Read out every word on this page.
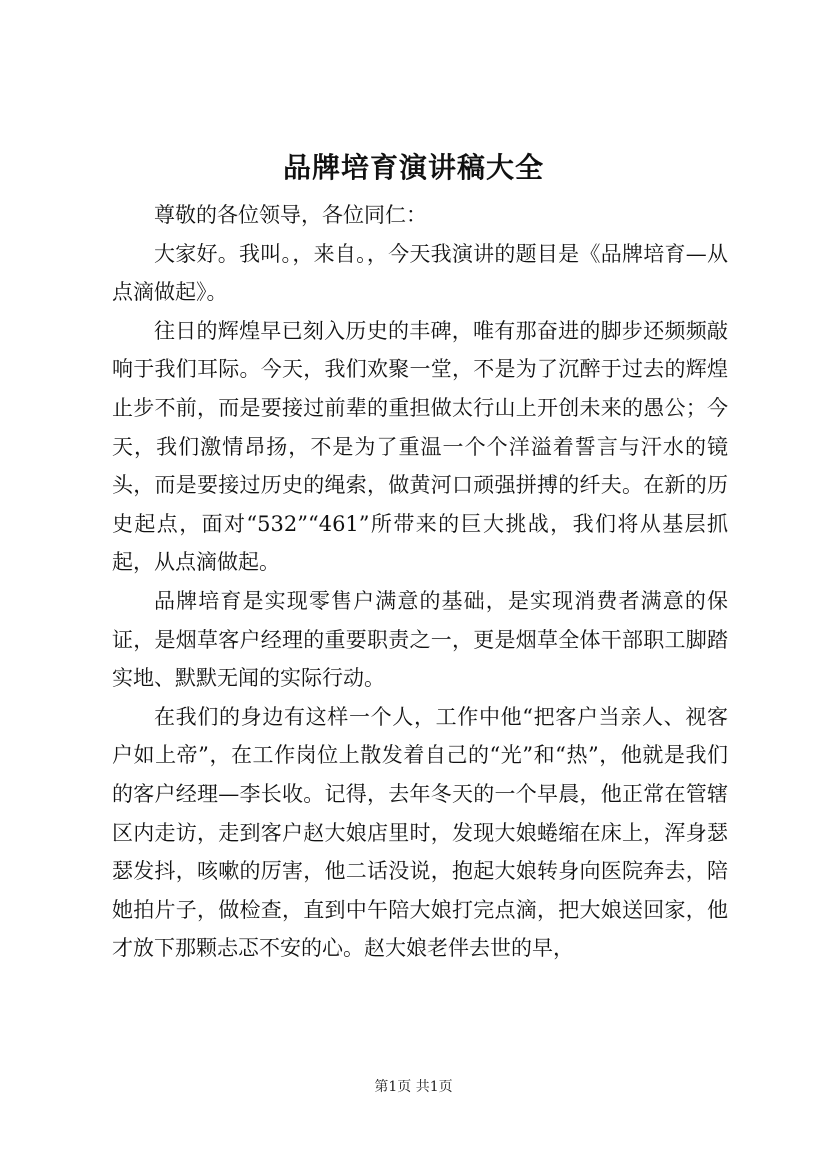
品牌培育演讲稿大全

尊敬的各位领导，各位同仁：

大家好。我叫。，来自。，今天我演讲的题目是《品牌培育—从点滴做起》。

往日的辉煌早已刻入历史的丰碑，唯有那奋进的脚步还频频敲响于我们耳际。今天，我们欢聚一堂，不是为了沉醉于过去的辉煌止步不前，而是要接过前辈的重担做太行山上开创未来的愚公；今天，我们激情昂扬，不是为了重温一个个洋溢着誓言与汗水的镜头，而是要接过历史的绳索，做黄河口顽强拼搏的纤夫。在新的历史起点，面对“532”“461”所带来的巨大挑战，我们将从基层抓起，从点滴做起。

品牌培育是实现零售户满意的基础，是实现消费者满意的保证，是烟草客户经理的重要职责之一，更是烟草全体干部职工脚踏实地、默默无闻的实际行动。

在我们的身边有这样一个人，工作中他“把客户当亲人、视客户如上帝”，在工作岗位上散发着自己的“光”和“热”，他就是我们的客户经理—李长收。记得，去年冬天的一个早晨，他正常在管辖区内走访，走到客户赵大娘店里时，发现大娘蜷缩在床上，浑身瑟瑟发抖，咳嗽的厉害，他二话没说，抱起大娘转身向医院奔去，陪她拍片子，做检查，直到中午陪大娘打完点滴，把大娘送回家，他才放下那颗忐忑不安的心。赵大娘老伴去世的早，

第1页 共1页
